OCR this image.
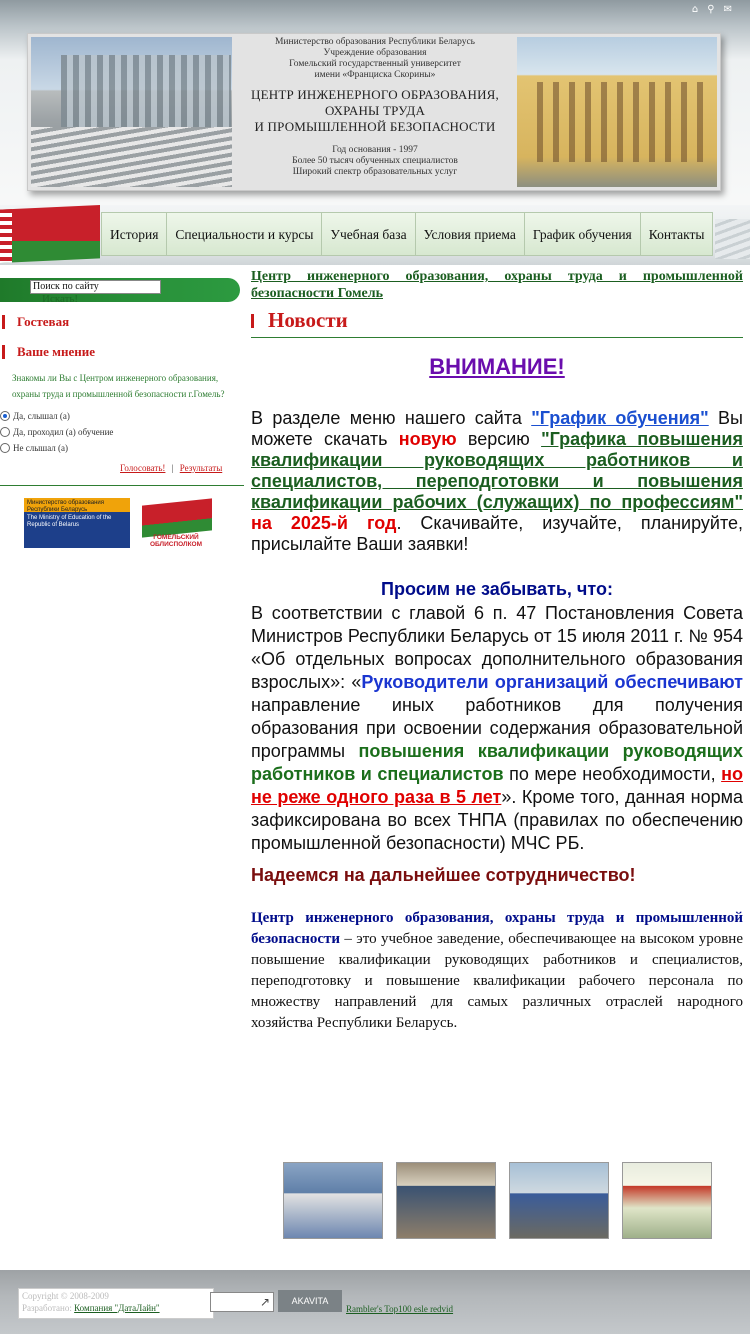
⌂ ⚲ ✉
Министерство образования Республики Беларусь
Учреждение образования
Гомельский государственный университет
имени «Франциска Скорины»
ЦЕНТР ИНЖЕНЕРНОГО ОБРАЗОВАНИЯ,
ОХРАНЫ ТРУДА
И ПРОМЫШЛЕННОЙ БЕЗОПАСНОСТИ
Год основания - 1997
Более 50 тысяч обученных специалистов
Широкий спектр образовательных услуг
История	Специальности и курсы	Учебная база	Условия приема	График обучения	Контакты
Поиск по сайту
Искать!
Гостевая
Ваше мнение
Знакомы ли Вы с Центром инженерного образования, охраны труда и промышленной безопасности г.Гомель?
Да, слышал (а)
Да, проходил (а) обучение
Не слышал (а)
Голосовать! | Результаты
Министерство образования Республики Беларусь
The Ministry of Education of the Republic of Belarus
ГОМЕЛЬСКИЙ ОБЛИСПОЛКОМ
Центр инженерного образования, охраны труда и промышленной безопасности Гомель
Новости
ВНИМАНИЕ!
В разделе меню нашего сайта "График обучения" Вы можете скачать новую версию "Графика повышения квалификации руководящих работников и специалистов, переподготовки и повышения квалификации рабочих (служащих) по профессиям" на 2025-й год. Скачивайте, изучайте, планируйте, присылайте Ваши заявки!
Просим не забывать, что:
В соответствии с главой 6 п. 47 Постановления Совета Министров Республики Беларусь от 15 июля 2011 г. № 954 «Об отдельных вопросах дополнительного образования взрослых»: «Руководители организаций обеспечивают направление иных работников для получения образования при освоении содержания образовательной программы повышения квалификации руководящих работников и специалистов по мере необходимости, но не реже одного раза в 5 лет». Кроме того, данная норма зафиксирована во всех ТНПА (правилах по обеспечению промышленной безопасности) МЧС РБ.
Надеемся на дальнейшее сотрудничество!
Центр инженерного образования, охраны труда и промышленной безопасности – это учебное заведение, обеспечивающее на высоком уровне повышение квалификации руководящих работников и специалистов, переподготовку и повышение квалификации рабочего персонала по множеству направлений для самых различных отраслей народного хозяйства Республики Беларусь.
Copyright © 2008-2009
Разработано: Компания "ДатаЛайн"	↗	AKAVITA
Rambler's Top100 esle redvid
